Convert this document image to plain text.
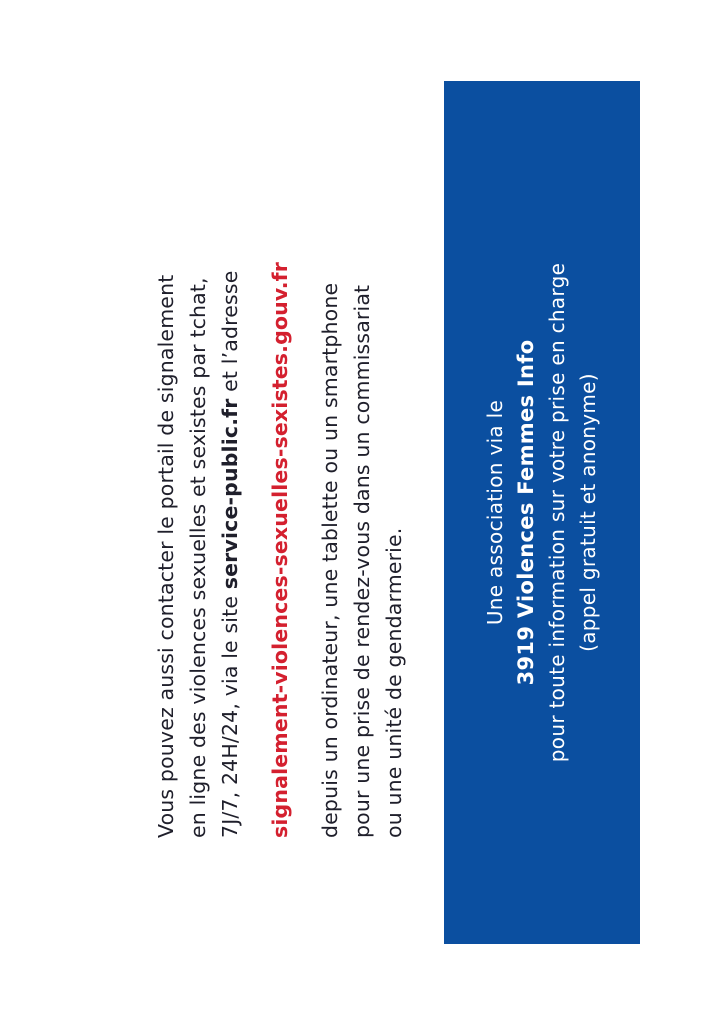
Vous pouvez aussi contacter le portail de signalement en ligne des violences sexuelles et sexistes par tchat, 7J/7, 24H/24, via le site service-public.fr et l’adresse signalement-violences-sexuelles-sexistes.gouv.fr depuis un ordinateur, une tablette ou un smartphone pour une prise de rendez-vous dans un commissariat ou une unité de gendarmerie.

Une association via le 3919 Violences Femmes Info pour toute information sur votre prise en charge (appel gratuit et anonyme)
